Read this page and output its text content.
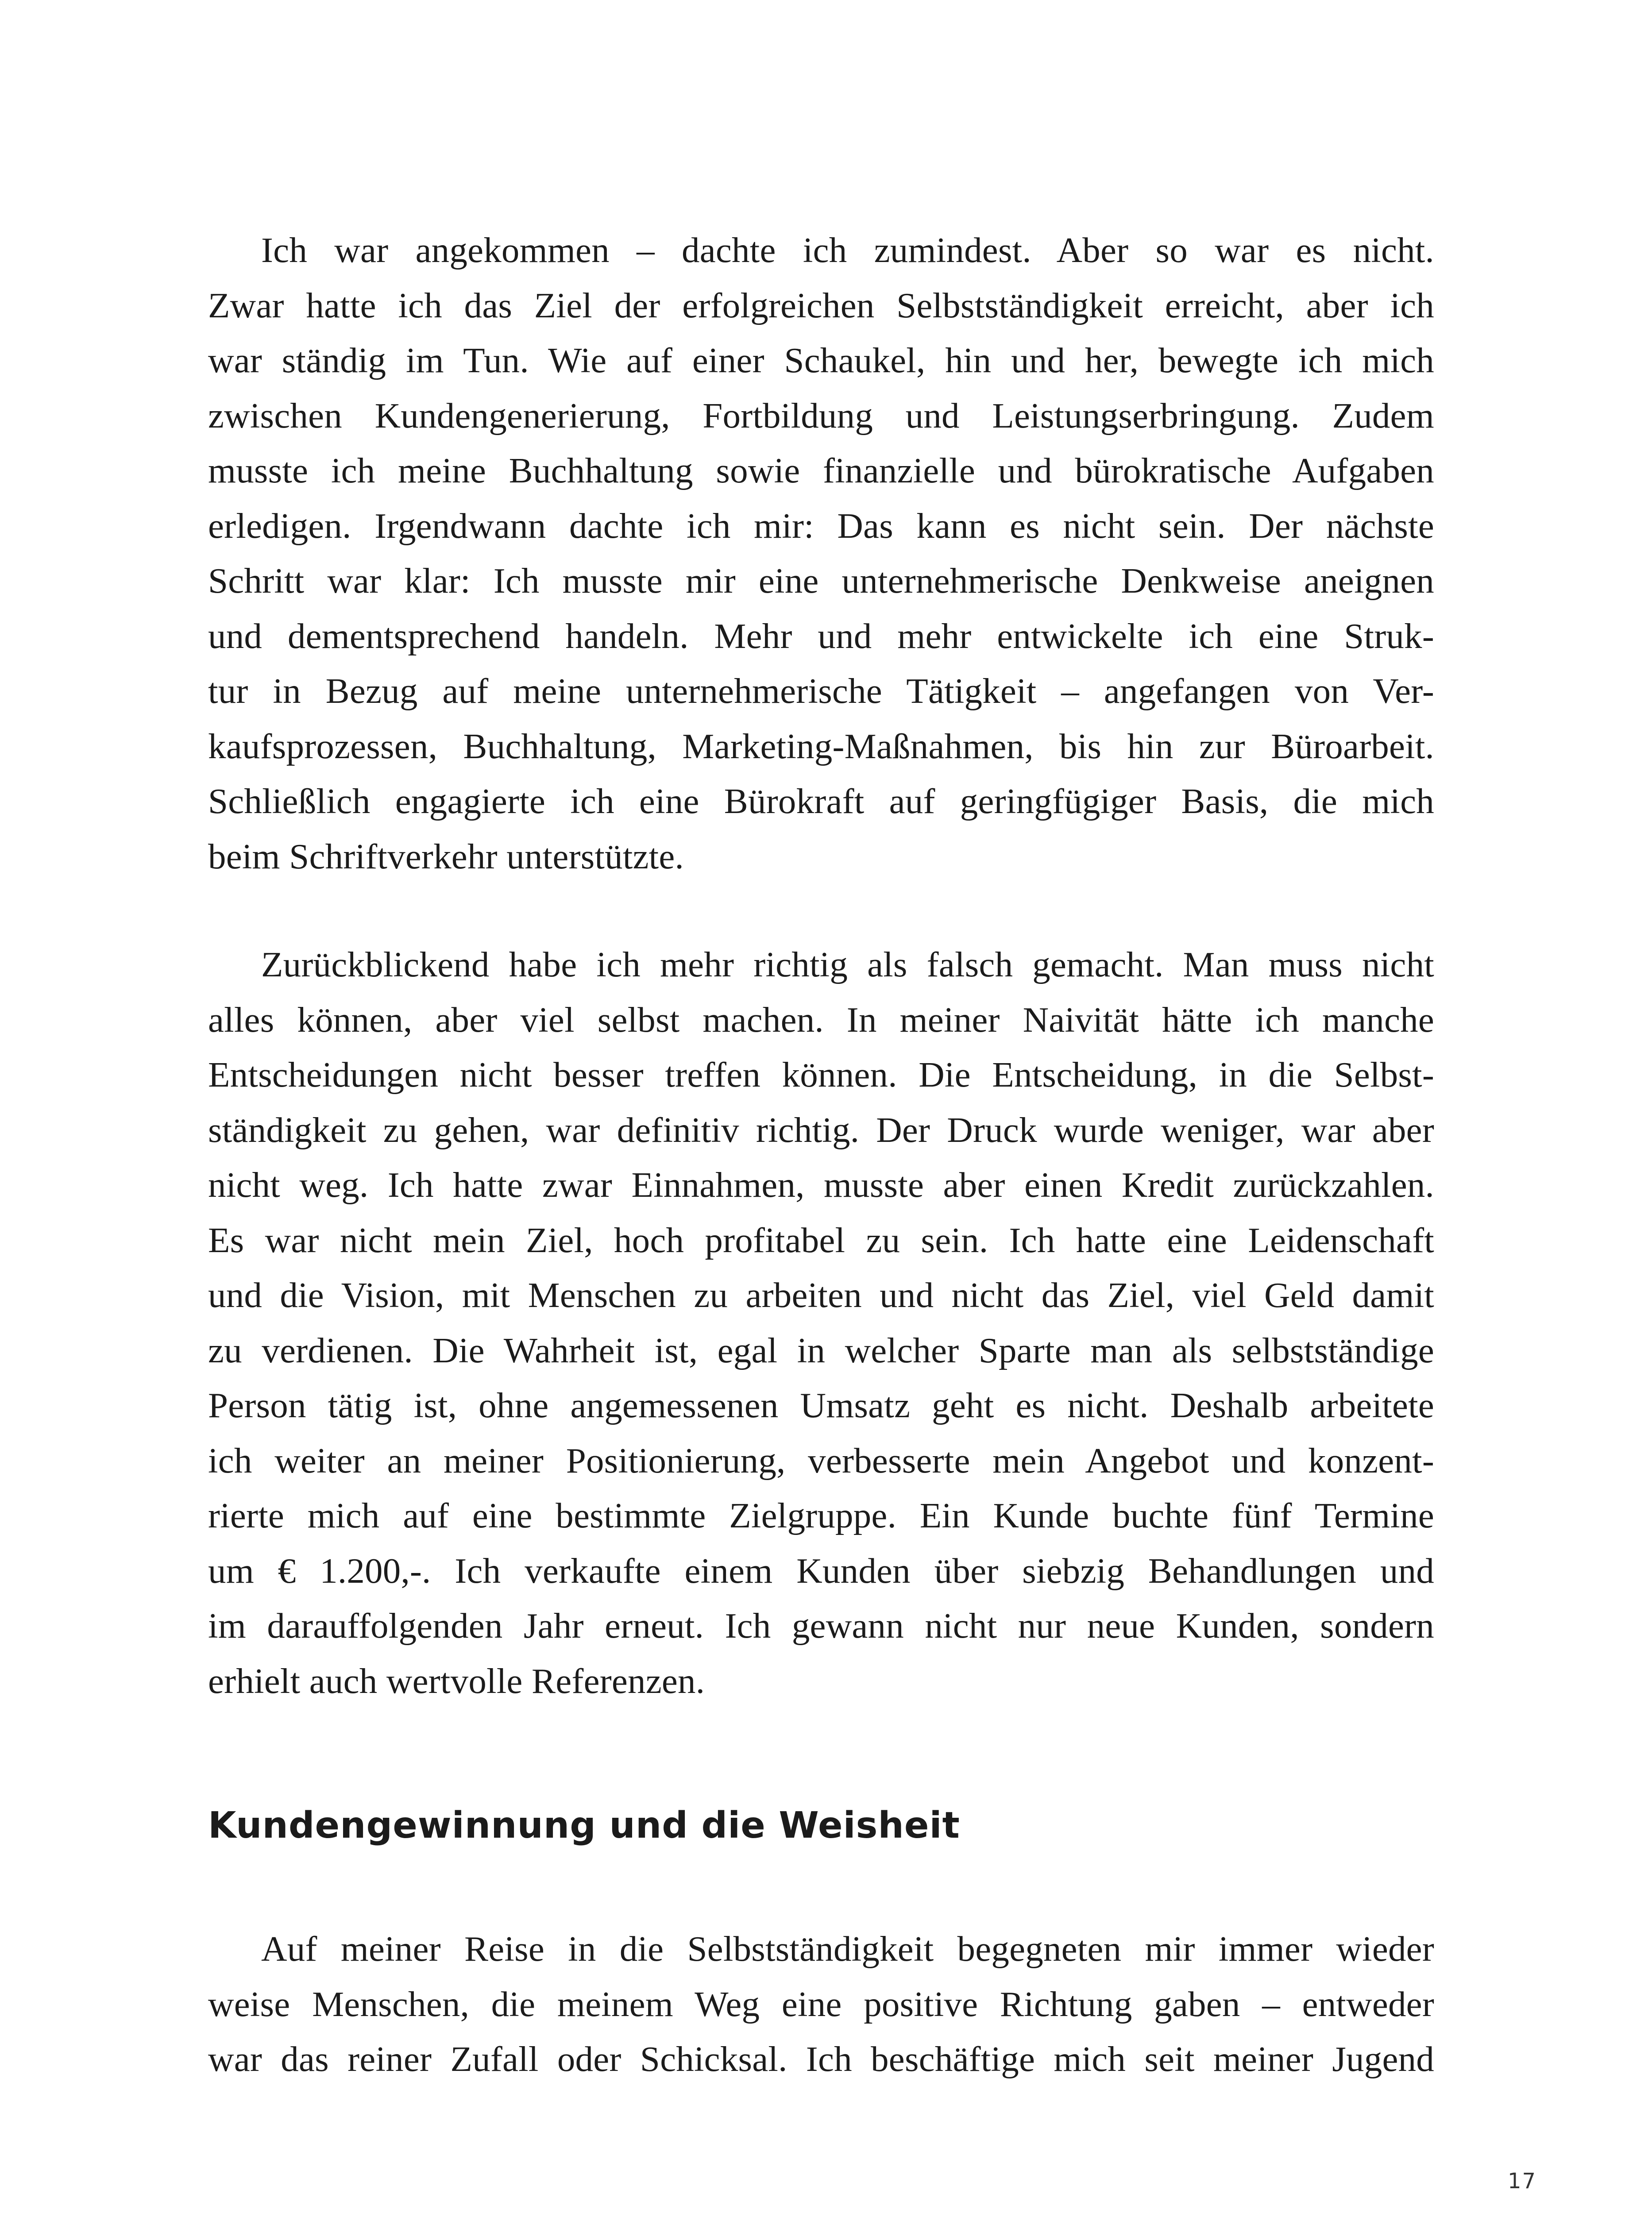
Ich war angekommen – dachte ich zumindest. Aber so war es nicht.
Zwar hatte ich das Ziel der erfolgreichen Selbstständigkeit erreicht, aber ich
war ständig im Tun. Wie auf einer Schaukel, hin und her, bewegte ich mich
zwischen Kundengenerierung, Fortbildung und Leistungserbringung. Zudem
musste ich meine Buchhaltung sowie finanzielle und bürokratische Aufgaben
erledigen. Irgendwann dachte ich mir: Das kann es nicht sein. Der nächste
Schritt war klar: Ich musste mir eine unternehmerische Denkweise aneignen
und dementsprechend handeln. Mehr und mehr entwickelte ich eine Struk-
tur in Bezug auf meine unternehmerische Tätigkeit – angefangen von Ver-
kaufsprozessen, Buchhaltung, Marketing-Maßnahmen, bis hin zur Büroarbeit.
Schließlich engagierte ich eine Bürokraft auf geringfügiger Basis, die mich
beim Schriftverkehr unterstützte.
Zurückblickend habe ich mehr richtig als falsch gemacht. Man muss nicht
alles können, aber viel selbst machen. In meiner Naivität hätte ich manche
Entscheidungen nicht besser treffen können. Die Entscheidung, in die Selbst-
ständigkeit zu gehen, war definitiv richtig. Der Druck wurde weniger, war aber
nicht weg. Ich hatte zwar Einnahmen, musste aber einen Kredit zurückzahlen.
Es war nicht mein Ziel, hoch profitabel zu sein. Ich hatte eine Leidenschaft
und die Vision, mit Menschen zu arbeiten und nicht das Ziel, viel Geld damit
zu verdienen. Die Wahrheit ist, egal in welcher Sparte man als selbstständige
Person tätig ist, ohne angemessenen Umsatz geht es nicht. Deshalb arbeitete
ich weiter an meiner Positionierung, verbesserte mein Angebot und konzent-
rierte mich auf eine bestimmte Zielgruppe. Ein Kunde buchte fünf Termine
um € 1.200,-. Ich verkaufte einem Kunden über siebzig Behandlungen und
im darauffolgenden Jahr erneut. Ich gewann nicht nur neue Kunden, sondern
erhielt auch wertvolle Referenzen.
Kundengewinnung und die Weisheit
Auf meiner Reise in die Selbstständigkeit begegneten mir immer wieder
weise Menschen, die meinem Weg eine positive Richtung gaben – entweder
war das reiner Zufall oder Schicksal. Ich beschäftige mich seit meiner Jugend
17
